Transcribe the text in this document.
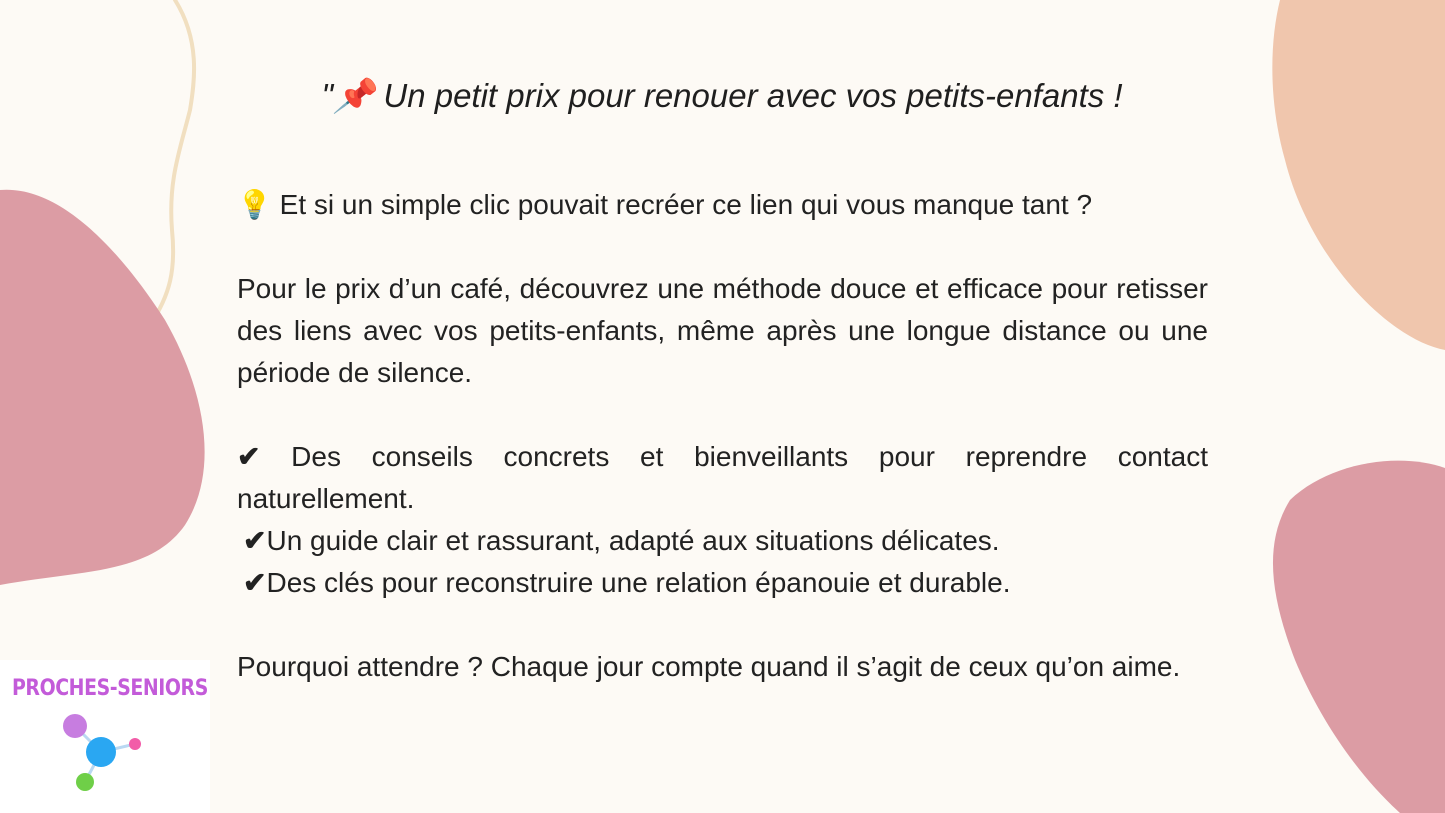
"📌 Un petit prix pour renouer avec vos petits-enfants !

💡 Et si un simple clic pouvait recréer ce lien qui vous manque tant ?

Pour le prix d’un café, découvrez une méthode douce et efficace pour retisser des liens avec vos petits-enfants, même après une longue distance ou une période de silence.

✔ Des conseils concrets et bienveillants pour reprendre contact naturellement.

✔Un guide clair et rassurant, adapté aux situations délicates.

✔Des clés pour reconstruire une relation épanouie et durable.

Pourquoi attendre ? Chaque jour compte quand il s’agit de ceux qu’on aime.

PROCHES-SENIORS
